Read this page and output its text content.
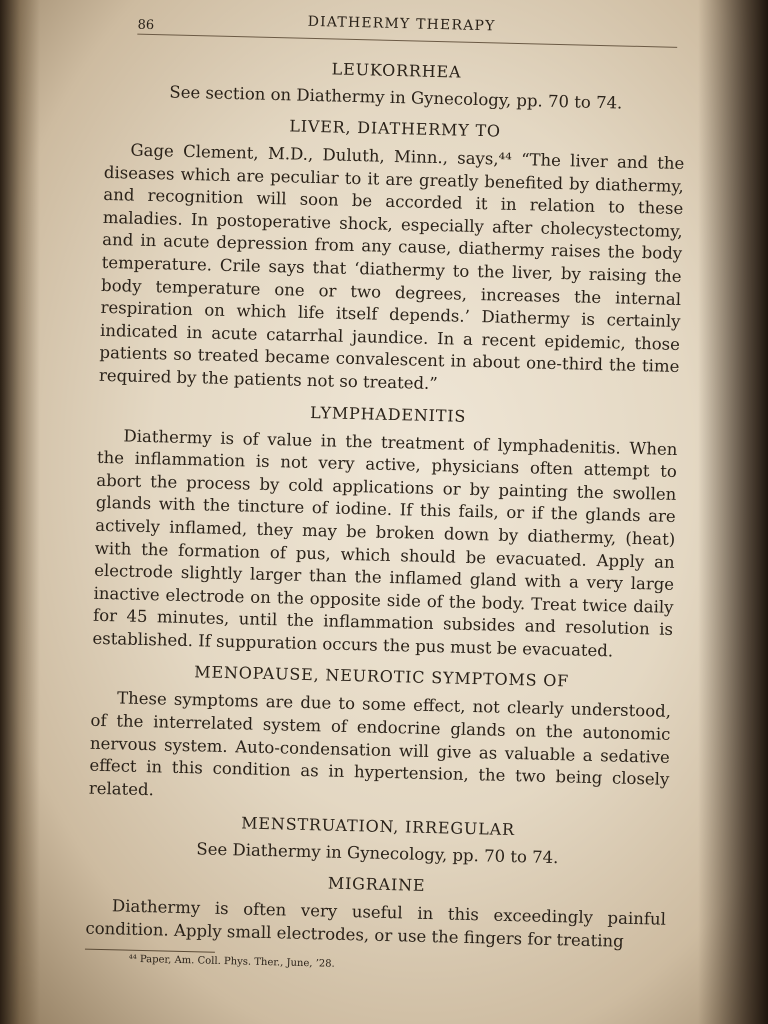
86	DIATHERMY THERAPY
LEUKORRHEA

See section on Diathermy in Gynecology, pp. 70 to 74.

LIVER, DIATHERMY TO

Gage Clement, M.D., Duluth, Minn., says,⁴⁴ “The liver and the diseases which are peculiar to it are greatly benefited by diathermy, and recognition will soon be accorded it in relation to these maladies. In postoperative shock, especially after cholecystectomy, and in acute depression from any cause, diathermy raises the body temperature. Crile says that ‘diathermy to the liver, by raising the body temperature one or two degrees, increases the internal respiration on which life itself depends.’ Diathermy is certainly indicated in acute catarrhal jaundice. In a recent epidemic, those patients so treated became convalescent in about one-third the time required by the patients not so treated.”

LYMPHADENITIS

Diathermy is of value in the treatment of lymphadenitis. When the inflammation is not very active, physicians often attempt to abort the process by cold applications or by painting the swollen glands with the tincture of iodine. If this fails, or if the glands are actively inflamed, they may be broken down by diathermy, (heat) with the formation of pus, which should be evacuated. Apply an electrode slightly larger than the inflamed gland with a very large inactive electrode on the opposite side of the body. Treat twice daily for 45 minutes, until the inflammation subsides and resolution is established. If suppuration occurs the pus must be evacuated.

MENOPAUSE, NEUROTIC SYMPTOMS OF

These symptoms are due to some effect, not clearly understood, of the interrelated system of endocrine glands on the autonomic nervous system. Auto-condensation will give as valuable a sedative effect in this condition as in hypertension, the two being closely related.

MENSTRUATION, IRREGULAR

See Diathermy in Gynecology, pp. 70 to 74.

MIGRAINE

Diathermy is often very useful in this exceedingly painful condition. Apply small electrodes, or use the fingers for treating

⁴⁴ Paper, Am. Coll. Phys. Ther., June, ’28.
